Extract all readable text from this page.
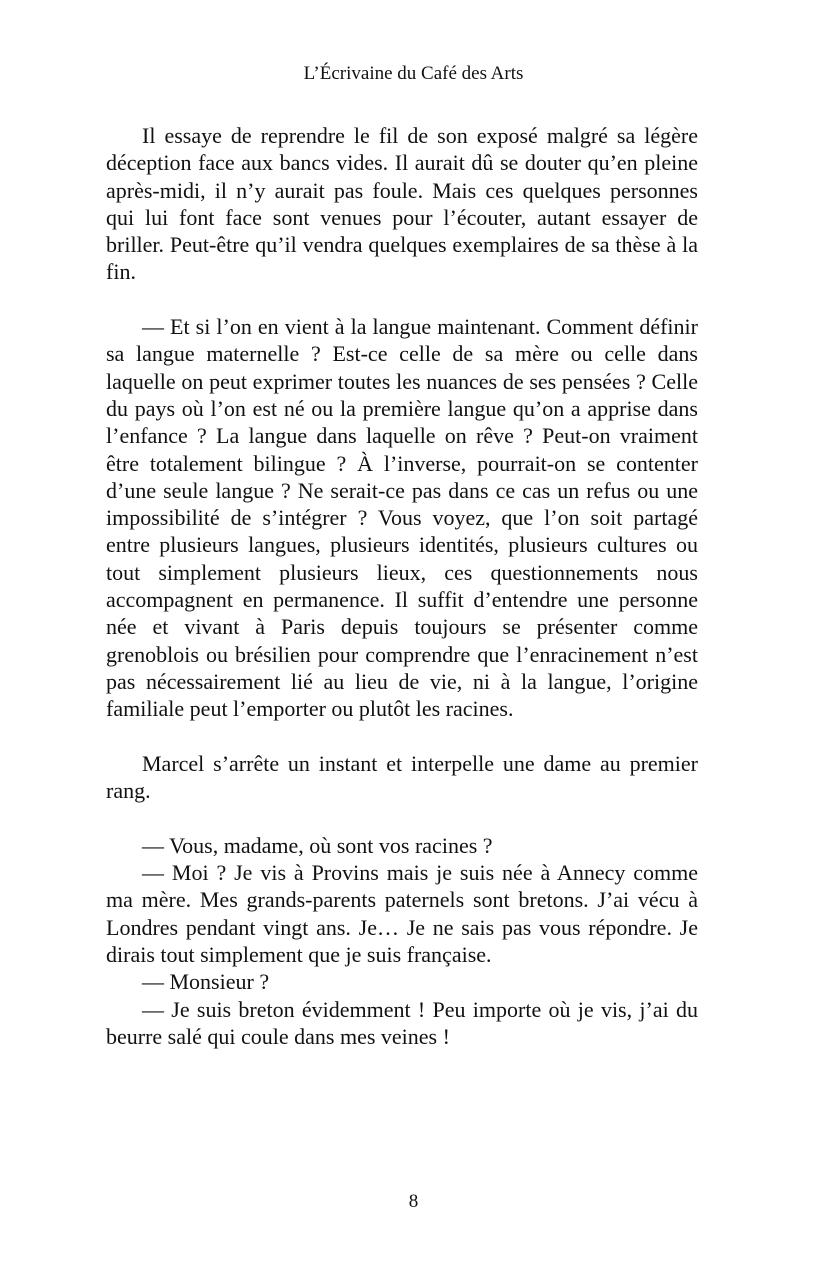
L’Écrivaine du Café des Arts

Il essaye de reprendre le fil de son exposé malgré sa légère déception face aux bancs vides. Il aurait dû se douter qu’en pleine après-midi, il n’y aurait pas foule. Mais ces quelques personnes qui lui font face sont venues pour l’écouter, autant essayer de briller. Peut-être qu’il vendra quelques exemplaires de sa thèse à la fin.

— Et si l’on en vient à la langue maintenant. Comment définir sa langue maternelle ? Est-ce celle de sa mère ou celle dans laquelle on peut exprimer toutes les nuances de ses pensées ? Celle du pays où l’on est né ou la première langue qu’on a apprise dans l’enfance ? La langue dans laquelle on rêve ? Peut-on vraiment être totalement bilingue ? À l’inverse, pourrait-on se contenter d’une seule langue ? Ne serait-ce pas dans ce cas un refus ou une impossibilité de s’intégrer ? Vous voyez, que l’on soit partagé entre plusieurs langues, plusieurs identités, plusieurs cultures ou tout simplement plusieurs lieux, ces questionnements nous accompagnent en permanence. Il suffit d’entendre une personne née et vivant à Paris depuis toujours se présenter comme grenoblois ou brésilien pour comprendre que l’enracinement n’est pas nécessairement lié au lieu de vie, ni à la langue, l’origine familiale peut l’emporter ou plutôt les racines.

Marcel s’arrête un instant et interpelle une dame au premier rang.

— Vous, madame, où sont vos racines ?

— Moi ? Je vis à Provins mais je suis née à Annecy comme ma mère. Mes grands-parents paternels sont bretons. J’ai vécu à Londres pendant vingt ans. Je… Je ne sais pas vous répondre. Je dirais tout simplement que je suis française.

— Monsieur ?

— Je suis breton évidemment ! Peu importe où je vis, j’ai du beurre salé qui coule dans mes veines !

8
